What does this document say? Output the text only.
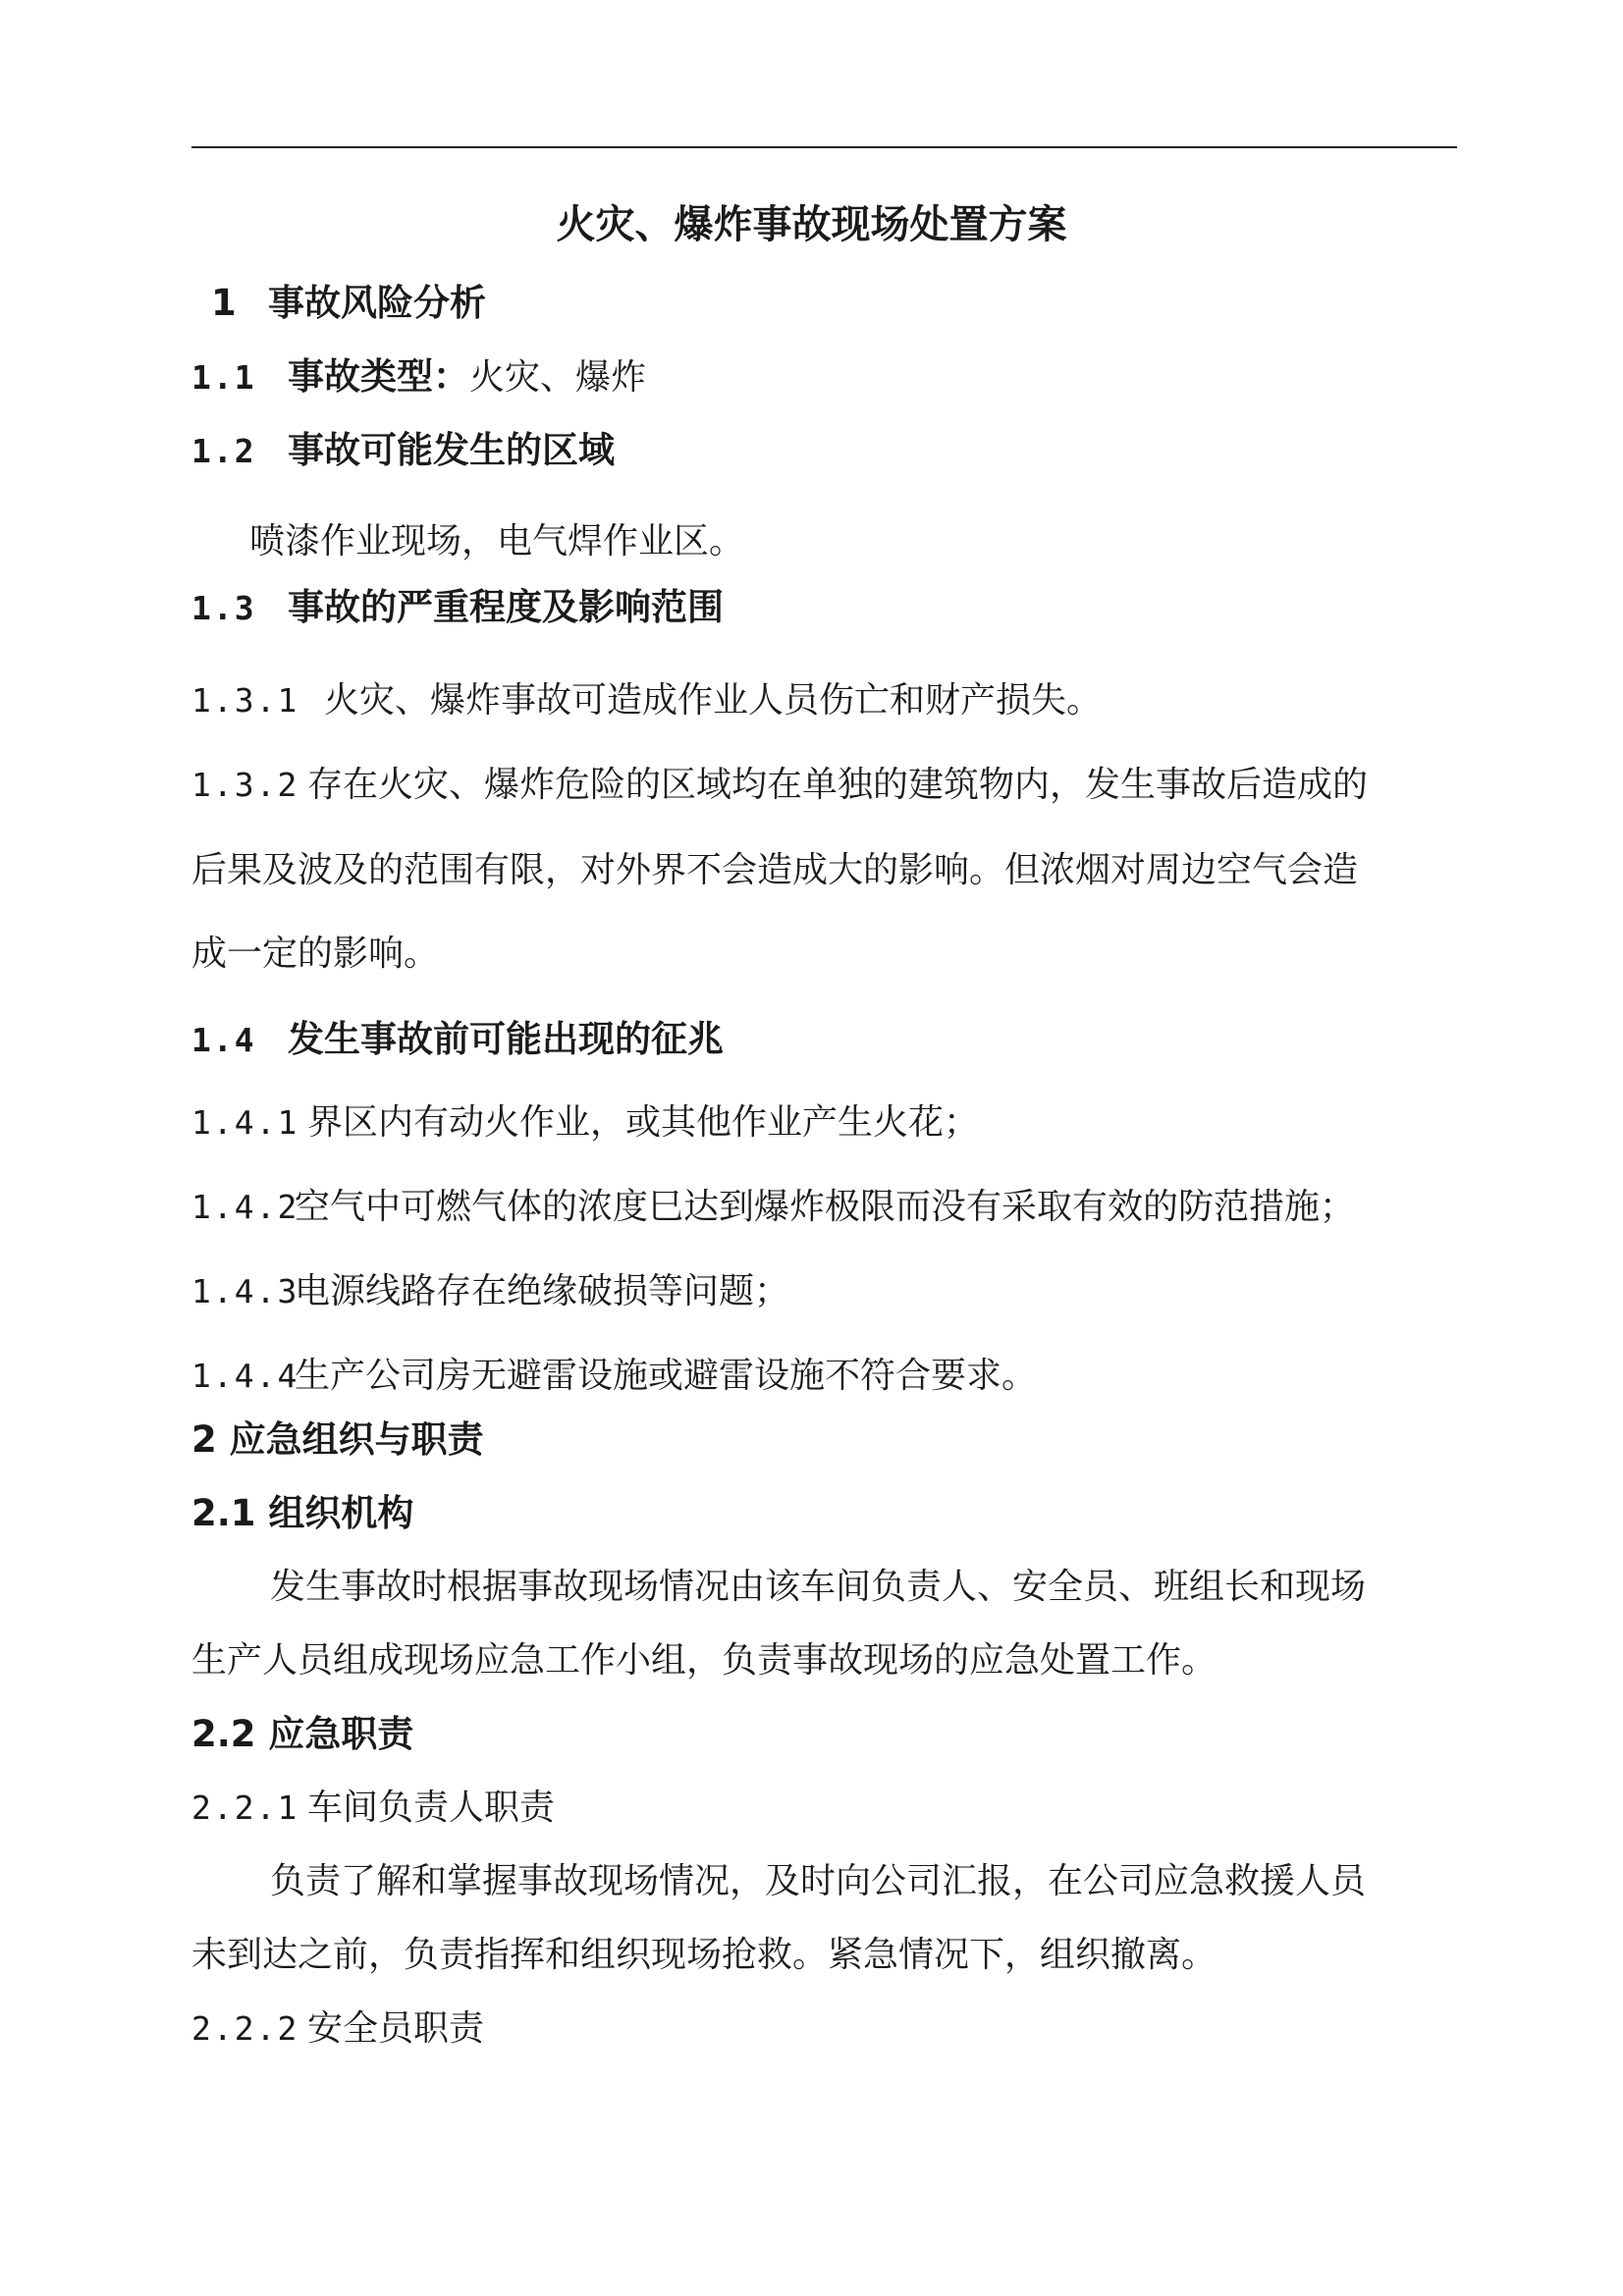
火灾、爆炸事故现场处置方案
1 事故风险分析
1.1 事故类型：火灾、爆炸
1.2 事故可能发生的区域
喷漆作业现场，电气焊作业区。
1.3 事故的严重程度及影响范围
1.3.1 火灾、爆炸事故可造成作业人员伤亡和财产损失。
1.3.2 存在火灾、爆炸危险的区域均在单独的建筑物内，发生事故后造成的
后果及波及的范围有限，对外界不会造成大的影响。但浓烟对周边空气会造
成一定的影响。
1.4 发生事故前可能出现的征兆
1.4.1 界区内有动火作业，或其他作业产生火花；
1.4.2空气中可燃气体的浓度巳达到爆炸极限而没有采取有效的防范措施；
1.4.3电源线路存在绝缘破损等问题；
1.4.4生产公司房无避雷设施或避雷设施不符合要求。
2 应急组织与职责
2.1 组织机构
发生事故时根据事故现场情况由该车间负责人、安全员、班组长和现场
生产人员组成现场应急工作小组，负责事故现场的应急处置工作。
2.2 应急职责
2.2.1 车间负责人职责
负责了解和掌握事故现场情况，及时向公司汇报，在公司应急救援人员
未到达之前，负责指挥和组织现场抢救。紧急情况下，组织撤离。
2.2.2 安全员职责
